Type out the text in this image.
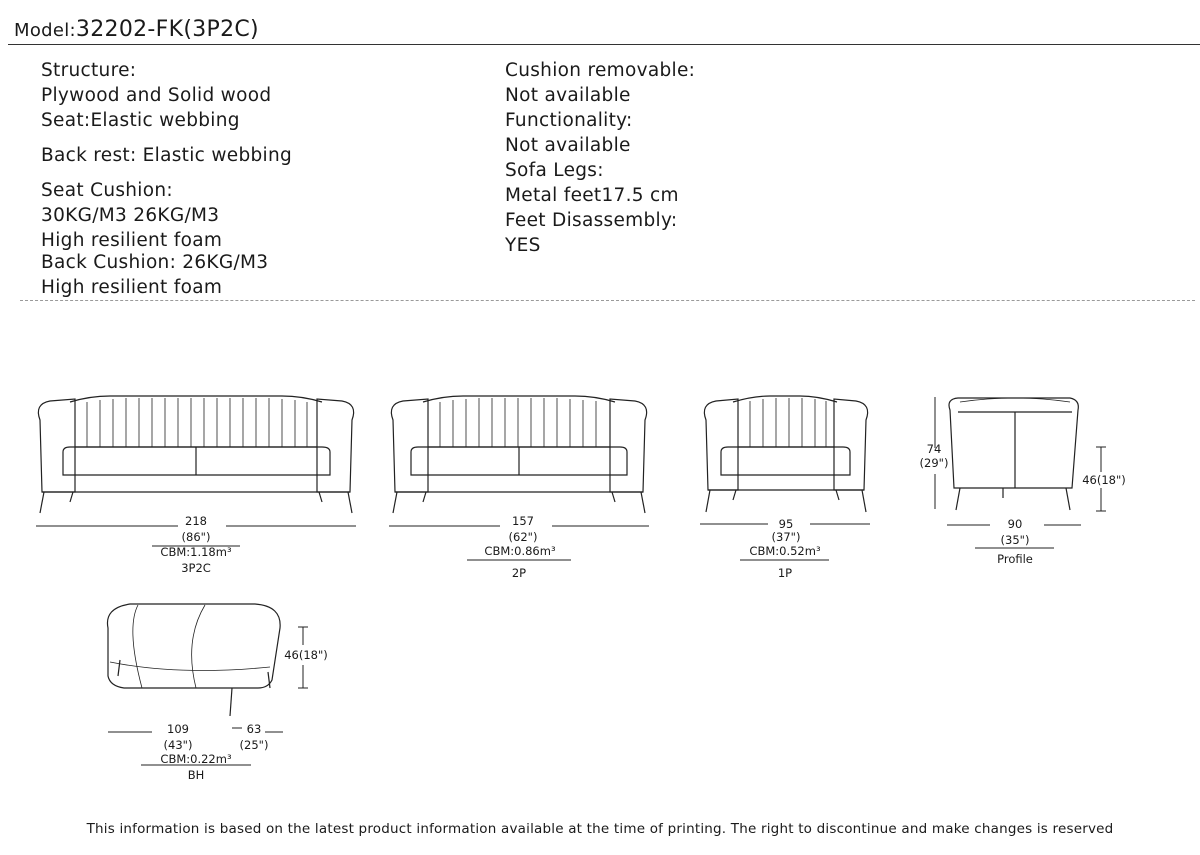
Model:32202-FK(3P2C)
Structure:
Plywood and Solid wood
Seat:Elastic webbing
Back rest: Elastic webbing
Seat Cushion:
30KG/M3 26KG/M3
High resilient foam
Back Cushion: 26KG/M3
High resilient foam
Cushion removable:
Not available
Functionality:
Not available
Sofa Legs:
Metal feet17.5 cm
Feet Disassembly:
YES
218
(86")
CBM:1.18m³
3P2C
157
(62")
CBM:0.86m³
2P
95
(37")
CBM:0.52m³
1P
90
(35")
Profile
74
(29")
46(18")
46(18")
109
(43")
63
(25")
CBM:0.22m³
BH
This information is based on the latest product information available at the time of printing. The right to discontinue and make changes is reserved
